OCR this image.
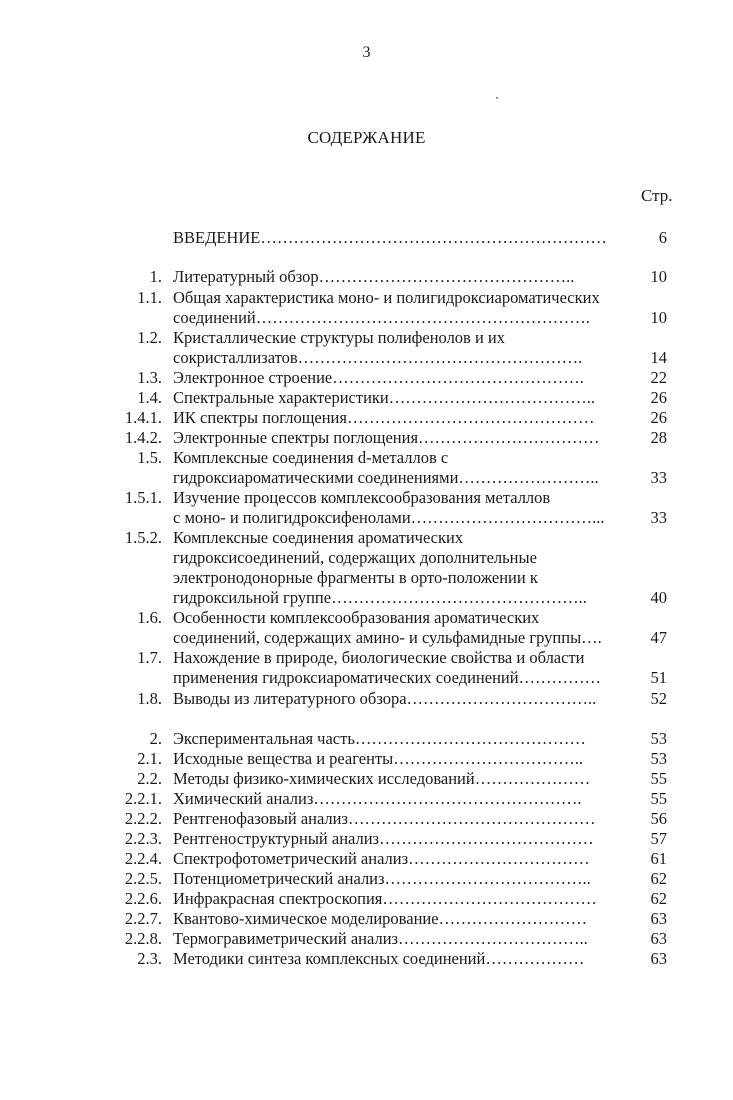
3
СОДЕРЖАНИЕ
Стр.
ВВЕДЕНИЕ………………………………………………………	6
1. Литературный обзор………………………………………..	10
1.1. Общая характеристика моно- и полигидроксиароматических
соединений…………………………………………………….	10
1.2. Кристаллические структуры полифенолов и их
сокристаллизатов…………………………………………….	14
1.3. Электронное строение……………………………………….	22
1.4. Спектральные характеристики………………………………..	26
1.4.1. ИК спектры поглощения………………………………………	26
1.4.2. Электронные спектры поглощения……………………………	28
1.5. Комплексные соединения d-металлов с
гидроксиароматическими соединениями……………………..	33
1.5.1. Изучение процессов комплексообразования металлов
с моно- и полигидроксифенолами……………………………...	33
1.5.2. Комплексные соединения ароматических
гидроксисоединений, содержащих дополнительные
электронодонорные фрагменты в орто-положении к
гидроксильной группе………………………………………..	40
1.6. Особенности комплексообразования ароматических
соединений, содержащих амино- и сульфамидные группы….	47
1.7. Нахождение в природе, биологические свойства и области
применения гидроксиароматических соединений……………	51
1.8. Выводы из литературного обзора……………………………..	52
2. Экспериментальная часть……………………………………	53
2.1. Исходные вещества и реагенты……………………………..	53
2.2. Методы физико-химических исследований…………………	55
2.2.1. Химический анализ………………………………………….	55
2.2.2. Рентгенофазовый анализ………………………………………	56
2.2.3. Рентгеноструктурный анализ…………………………………	57
2.2.4. Спектрофотометрический анализ……………………………	61
2.2.5. Потенциометрический анализ………………………………..	62
2.2.6. Инфракрасная спектроскопия…………………………………	62
2.2.7. Квантово-химическое моделирование………………………	63
2.2.8. Термогравиметрический анализ……………………………..	63
2.3. Методики синтеза комплексных соединений………………	63
